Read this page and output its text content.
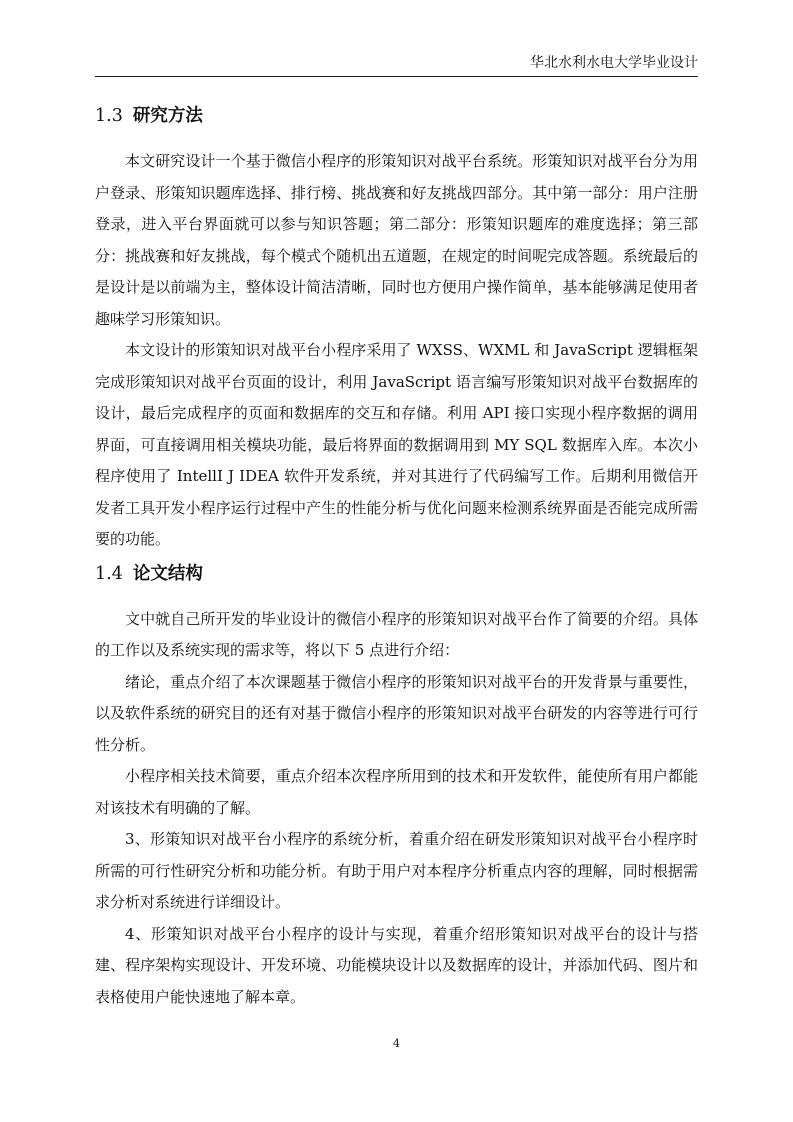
华北水利水电大学毕业设计
1.3 研究方法

本文研究设计一个基于微信小程序的形策知识对战平台系统。形策知识对战平台分为用户登录、形策知识题库选择、排行榜、挑战赛和好友挑战四部分。其中第一部分：用户注册登录，进入平台界面就可以参与知识答题；第二部分：形策知识题库的难度选择；第三部分：挑战赛和好友挑战，每个模式个随机出五道题，在规定的时间呢完成答题。系统最后的是设计是以前端为主，整体设计简洁清晰，同时也方便用户操作简单，基本能够满足使用者趣味学习形策知识。

本文设计的形策知识对战平台小程序采用了 WXSS、WXML 和 JavaScript 逻辑框架完成形策知识对战平台页面的设计，利用 JavaScript 语言编写形策知识对战平台数据库的设计，最后完成程序的页面和数据库的交互和存储。利用 API 接口实现小程序数据的调用界面，可直接调用相关模块功能，最后将界面的数据调用到 MY SQL 数据库入库。本次小程序使用了 IntellI J IDEA 软件开发系统，并对其进行了代码编写工作。后期利用微信开发者工具开发小程序运行过程中产生的性能分析与优化问题来检测系统界面是否能完成所需要的功能。

1.4 论文结构

文中就自己所开发的毕业设计的微信小程序的形策知识对战平台作了简要的介绍。具体的工作以及系统实现的需求等，将以下 5 点进行介绍：

绪论，重点介绍了本次课题基于微信小程序的形策知识对战平台的开发背景与重要性，以及软件系统的研究目的还有对基于微信小程序的形策知识对战平台研发的内容等进行可行性分析。

小程序相关技术简要，重点介绍本次程序所用到的技术和开发软件，能使所有用户都能对该技术有明确的了解。

3、形策知识对战平台小程序的系统分析，着重介绍在研发形策知识对战平台小程序时所需的可行性研究分析和功能分析。有助于用户对本程序分析重点内容的理解，同时根据需求分析对系统进行详细设计。

4、形策知识对战平台小程序的设计与实现，着重介绍形策知识对战平台的设计与搭建、程序架构实现设计、开发环境、功能模块设计以及数据库的设计，并添加代码、图片和表格使用户能快速地了解本章。

4
